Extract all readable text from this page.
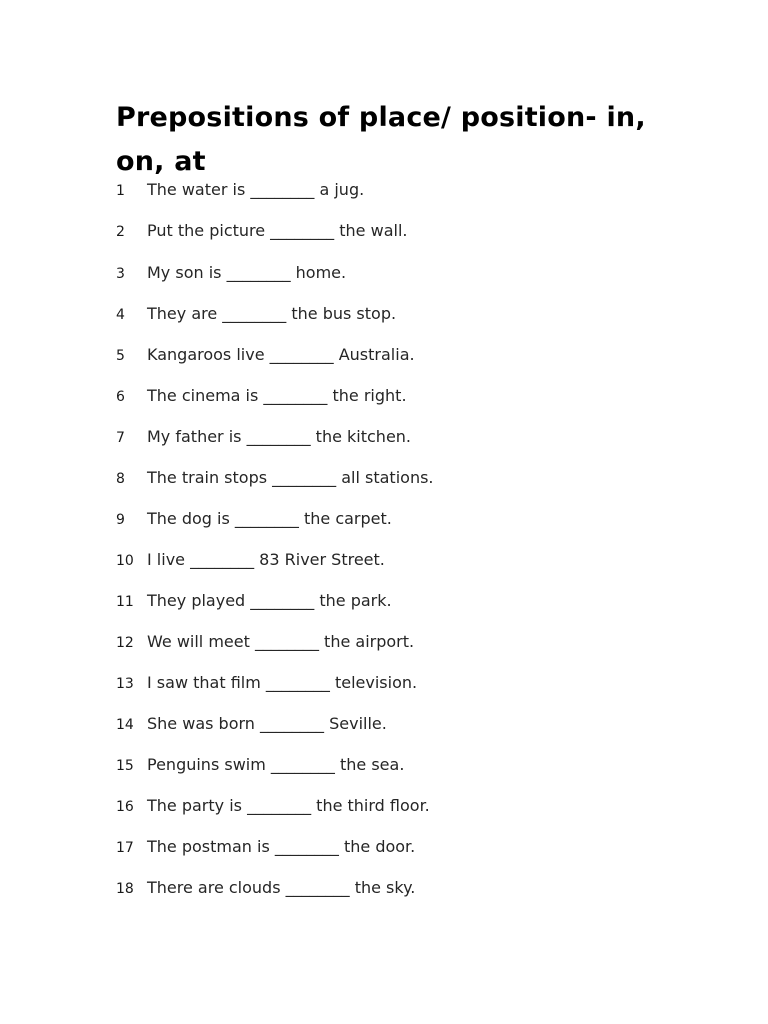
Prepositions of place/ position- in, on, at
1	The water is ________ a jug.
2	Put the picture ________ the wall.
3	My son is ________ home.
4	They are ________ the bus stop.
5	Kangaroos live ________ Australia.
6	The cinema is ________ the right.
7	My father is ________ the kitchen.
8	The train stops ________ all stations.
9	The dog is ________ the carpet.
10 I live ________ 83 River Street.
11 They played ________ the park.
12 We will meet ________ the airport.
13 I saw that film ________ television.
14 She was born ________ Seville.
15 Penguins swim ________ the sea.
16 The party is ________ the third floor.
17 The postman is ________ the door.
18 There are clouds ________ the sky.
